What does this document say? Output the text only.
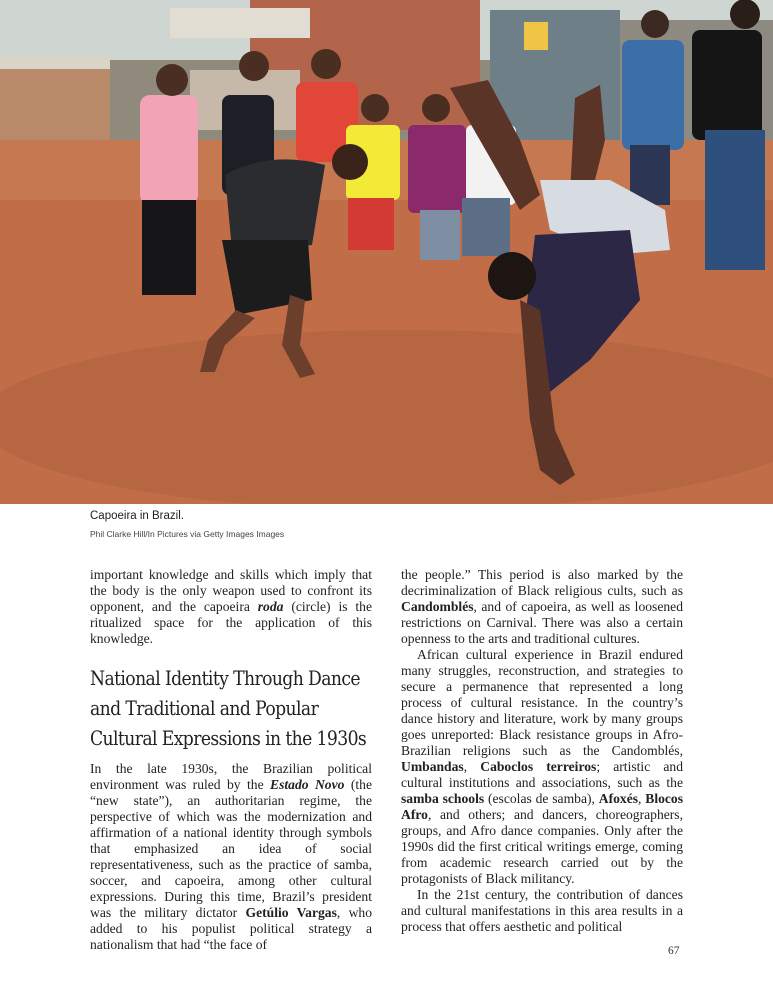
Capoeira in Brazil.
Phil Clarke Hill/In Pictures via Getty Images Images

important knowledge and skills which imply that the body is the only weapon used to confront its opponent, and the capoeira roda (circle) is the ritualized space for the application of this knowledge.

National Identity Through Dance and Traditional and Popular Cultural Expressions in the 1930s

In the late 1930s, the Brazilian political environment was ruled by the Estado Novo (the “new state”), an authoritarian regime, the perspective of which was the modernization and affirmation of a national identity through symbols that emphasized an idea of social representativeness, such as the practice of samba, soccer, and capoeira, among other cultural expressions. During this time, Brazil’s president was the military dictator Getúlio Vargas, who added to his populist political strategy a nationalism that had “the face of

the people.” This period is also marked by the decriminalization of Black religious cults, such as Candomblés, and of capoeira, as well as loosened restrictions on Carnival. There was also a certain openness to the arts and traditional cultures.

African cultural experience in Brazil endured many struggles, reconstruction, and strategies to secure a permanence that represented a long process of cultural resistance. In the country’s dance history and literature, work by many groups goes unreported: Black resistance groups in Afro-Brazilian religions such as the Candomblés, Umbandas, Caboclos terreiros; artistic and cultural institutions and associations, such as the samba schools (escolas de samba), Afoxés, Blocos Afro, and others; and dancers, choreographers, groups, and Afro dance companies. Only after the 1990s did the first critical writings emerge, coming from academic research carried out by the protagonists of Black militancy.

In the 21st century, the contribution of dances and cultural manifestations in this area results in a process that offers aesthetic and political

67
